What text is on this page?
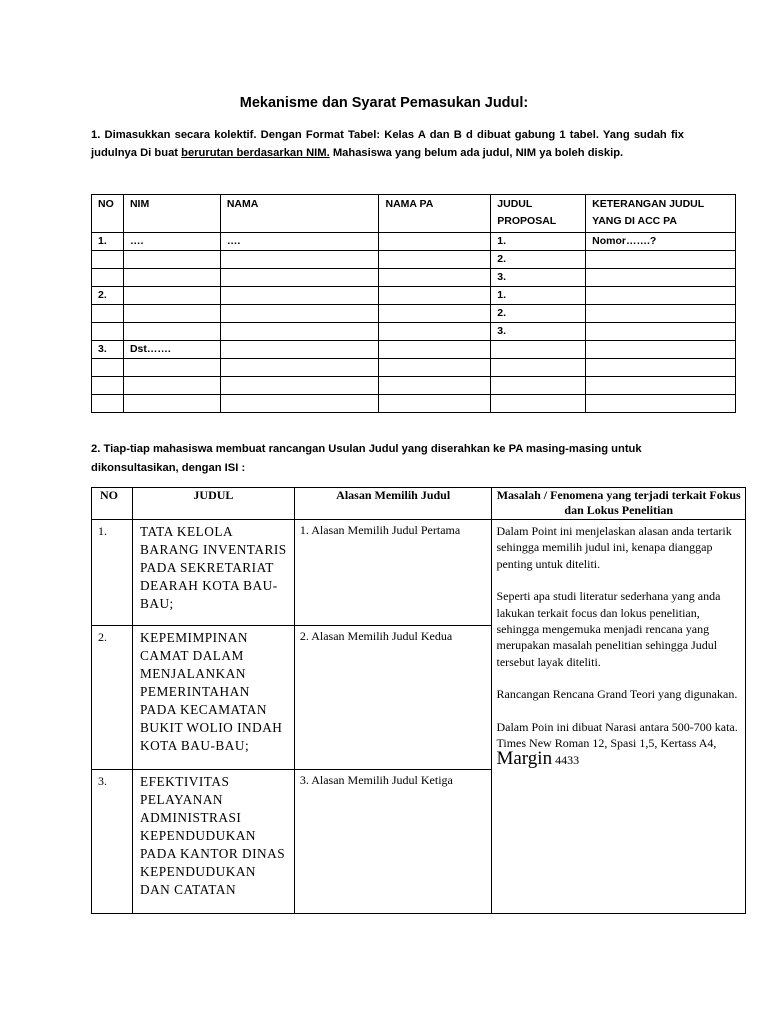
Mekanisme dan Syarat Pemasukan Judul:
1. Dimasukkan secara kolektif. Dengan Format Tabel: Kelas A dan B d dibuat gabung 1 tabel. Yang sudah fix judulnya Di buat berurutan berdasarkan NIM. Mahasiswa yang belum ada judul, NIM ya boleh diskip.
NO	NIM	NAMA	NAMA PA	JUDUL PROPOSAL	KETERANGAN JUDUL YANG DI ACC PA
1.	….	….		1.	Nomor…….?
				2.	
				3.	
2.				1.	
				2.	
				3.	
3.	Dst…….				

2. Tiap-tiap mahasiswa membuat rancangan Usulan Judul yang diserahkan ke PA masing-masing untuk dikonsultasikan, dengan ISI :
NO	JUDUL	Alasan Memilih Judul	Masalah / Fenomena yang terjadi terkait Fokus dan Lokus Penelitian
1.	TATA KELOLA BARANG INVENTARIS PADA SEKRETARIAT DEARAH KOTA BAU-BAU;	1. Alasan Memilih Judul Pertama	Dalam Point ini menjelaskan alasan anda tertarik sehingga memilih judul ini, kenapa dianggap penting untuk diteliti.

Seperti apa studi literatur sederhana yang anda lakukan terkait focus dan lokus penelitian, sehingga mengemuka menjadi rencana yang merupakan masalah penelitian sehingga Judul tersebut layak diteliti.

Rancangan Rencana Grand Teori yang digunakan.

Dalam Poin ini dibuat Narasi antara 500-700 kata. Times New Roman 12, Spasi 1,5, Kertass A4, Margin 4433

2.	KEPEMIMPINAN CAMAT DALAM MENJALANKAN PEMERINTAHAN PADA KECAMATAN BUKIT WOLIO INDAH KOTA BAU-BAU;	2. Alasan Memilih Judul Kedua	
3.	EFEKTIVITAS PELAYANAN ADMINISTRASI KEPENDUDUKAN PADA KANTOR DINAS KEPENDUDUKAN DAN CATATAN	3. Alasan Memilih Judul Ketiga	
